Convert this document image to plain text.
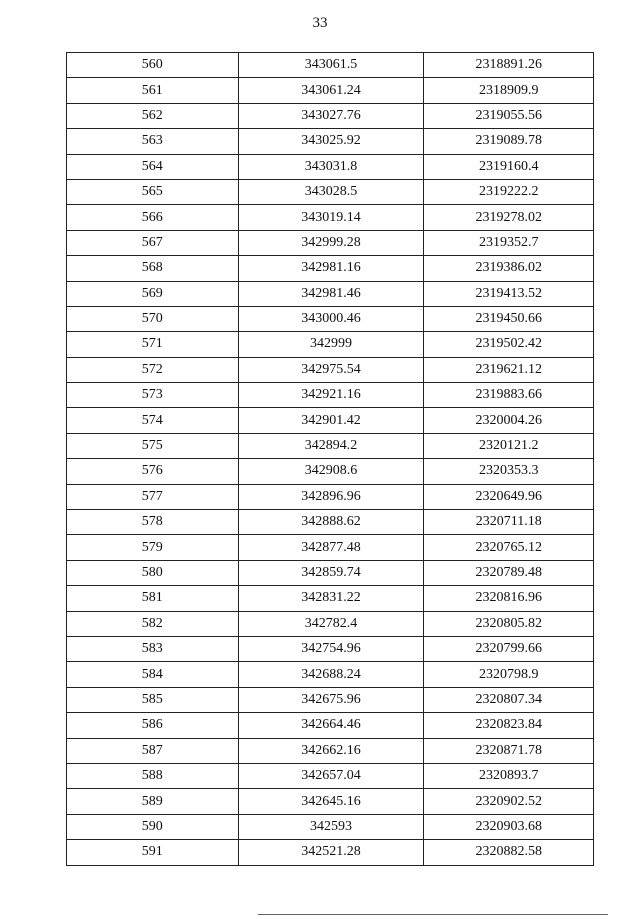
33
560	343061.5	2318891.26
561	343061.24	2318909.9
562	343027.76	2319055.56
563	343025.92	2319089.78
564	343031.8	2319160.4
565	343028.5	2319222.2
566	343019.14	2319278.02
567	342999.28	2319352.7
568	342981.16	2319386.02
569	342981.46	2319413.52
570	343000.46	2319450.66
571	342999	2319502.42
572	342975.54	2319621.12
573	342921.16	2319883.66
574	342901.42	2320004.26
575	342894.2	2320121.2
576	342908.6	2320353.3
577	342896.96	2320649.96
578	342888.62	2320711.18
579	342877.48	2320765.12
580	342859.74	2320789.48
581	342831.22	2320816.96
582	342782.4	2320805.82
583	342754.96	2320799.66
584	342688.24	2320798.9
585	342675.96	2320807.34
586	342664.46	2320823.84
587	342662.16	2320871.78
588	342657.04	2320893.7
589	342645.16	2320902.52
590	342593	2320903.68
591	342521.28	2320882.58
